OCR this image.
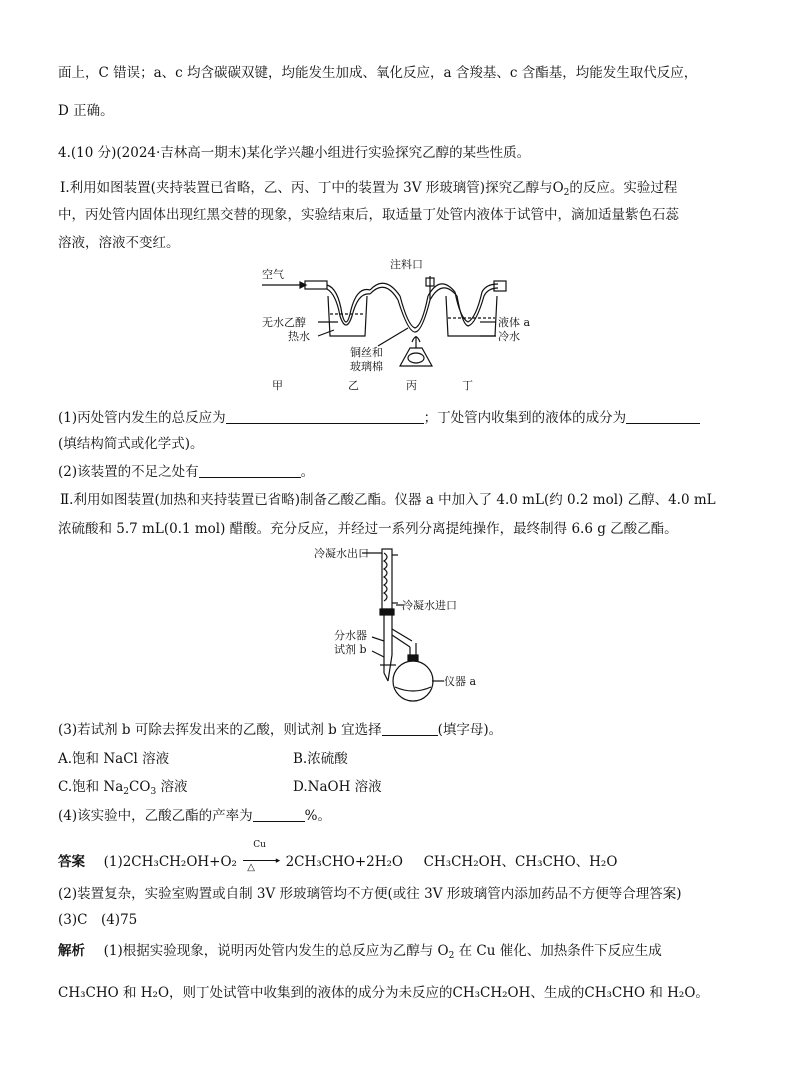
面上，C 错误；a、c 均含碳碳双键，均能发生加成、氧化反应，a 含羧基、c 含酯基，均能发生取代反应，
D 正确。
4.(10 分)(2024·吉林高一期末)某化学兴趣小组进行实验探究乙醇的某些性质。
Ⅰ.利用如图装置(夹持装置已省略，乙、丙、丁中的装置为 3V 形玻璃管)探究乙醇与$O_2$的反应。实验过程
中，丙处管内固体出现红黑交替的现象，实验结束后，取适量丁处管内液体于试管中，滴加适量紫色石蕊
溶液，溶液不变红。
空气
注料口
无水乙醇
热水
铜丝和
玻璃棉
液体 a
冷水
甲	乙	丙	丁
(1)丙处管内发生的总反应为	；丁处管内收集到的液体的成分为
(填结构简式或化学式)。
(2)该装置的不足之处有	。
Ⅱ.利用如图装置(加热和夹持装置已省略)制备乙酸乙酯。仪器 a 中加入了 4.0 mL(约 0.2 mol) 乙醇、4.0 mL
浓硫酸和 5.7 mL(0.1 mol) 醋酸。充分反应，并经过一系列分离提纯操作，最终制得 6.6 g 乙酸乙酯。
冷凝水出口
冷凝水进口
分水器
试剂 b
仪器 a
(3)若试剂 b 可除去挥发出来的乙酸，则试剂 b 宜选择	(填字母)。
A.饱和 NaCl 溶液	B.浓硫酸
C.饱和 $Na_2CO_3$ 溶液	D.NaOH 溶液
(4)该实验中，乙酸乙酯的产率为	%。
答案 (1)2CH₃CH₂OH+O₂
Cu
▸
△ 2CH₃CHO+2H₂O CH₃CH₂OH、CH₃CHO、H₂O
(2)装置复杂，实验室购置或自制 3V 形玻璃管均不方便(或往 3V 形玻璃管内添加药品不方便等合理答案)
(3)C　(4)75
解析 (1)根据实验现象，说明丙处管内发生的总反应为乙醇与 $O_2$ 在 Cu 催化、加热条件下反应生成
CH₃CHO 和 H₂O，则丁处试管中收集到的液体的成分为未反应的CH₃CH₂OH、生成的CH₃CHO 和 H₂O。
